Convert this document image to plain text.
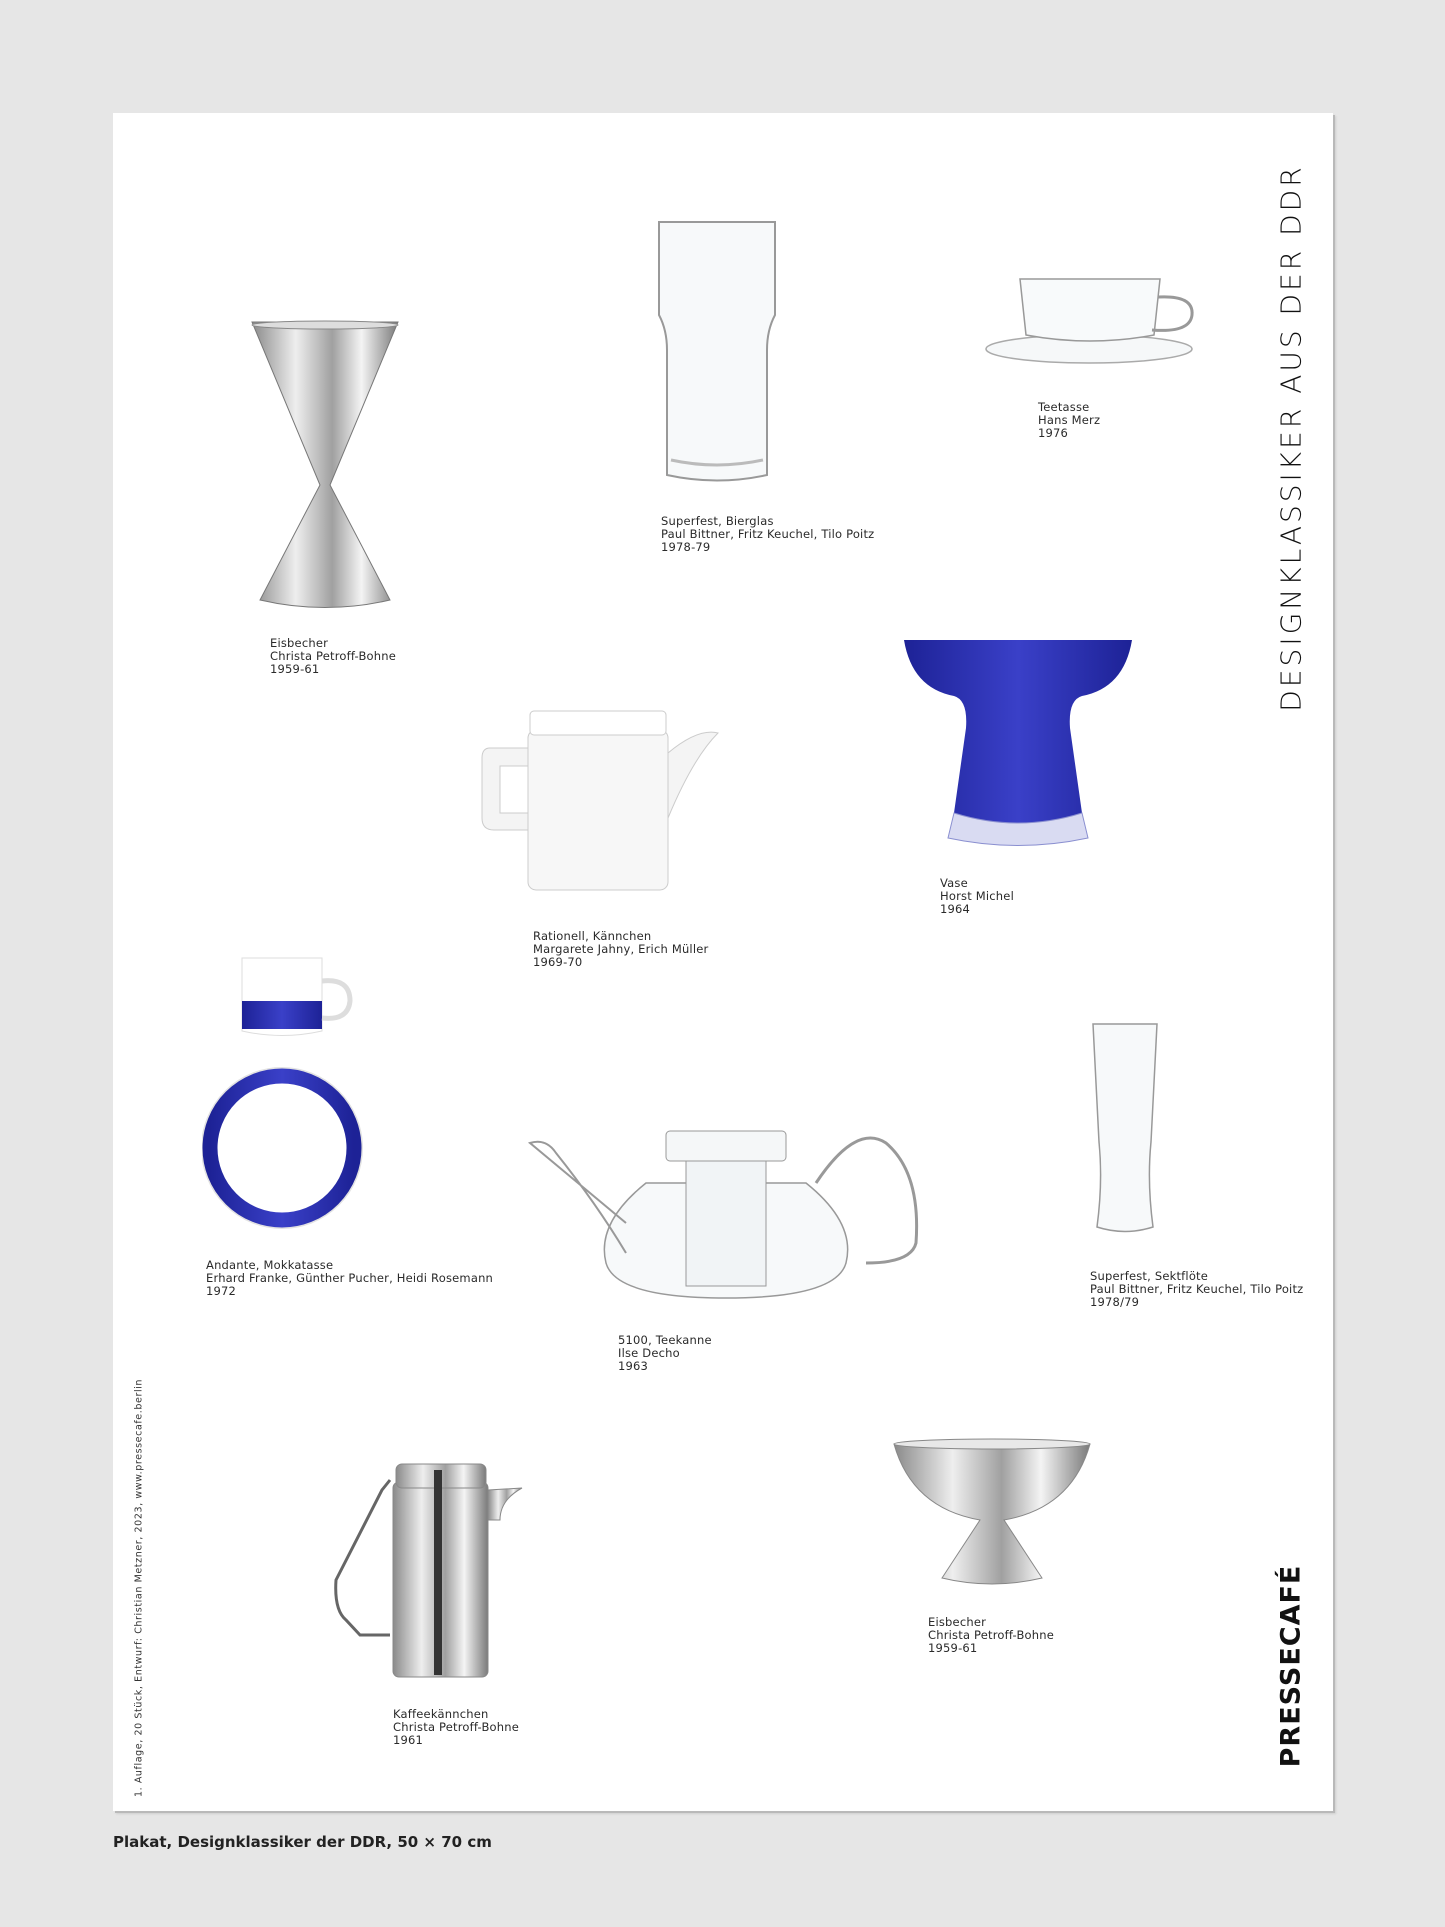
DESIGNKLASSIKER AUS DER DDR
PRESSECAFÉ
1. Auflage, 20 Stück, Entwurf: Christian Metzner, 2023, www.pressecafe.berlin
Eisbecher
Christa Petroff-Bohne
1959-61
Superfest, Bierglas
Paul Bittner, Fritz Keuchel, Tilo Poitz
1978-79
Teetasse
Hans Merz
1976
Rationell, Kännchen
Margarete Jahny, Erich Müller
1969-70
Vase
Horst Michel
1964
Andante, Mokkatasse
Erhard Franke, Günther Pucher, Heidi Rosemann
1972
5100, Teekanne
Ilse Decho
1963
Superfest, Sektflöte
Paul Bittner, Fritz Keuchel, Tilo Poitz
1978/79
Eisbecher
Christa Petroff-Bohne
1959-61
Kaffeekännchen
Christa Petroff-Bohne
1961
Plakat, Designklassiker der DDR, 50 × 70 cm
